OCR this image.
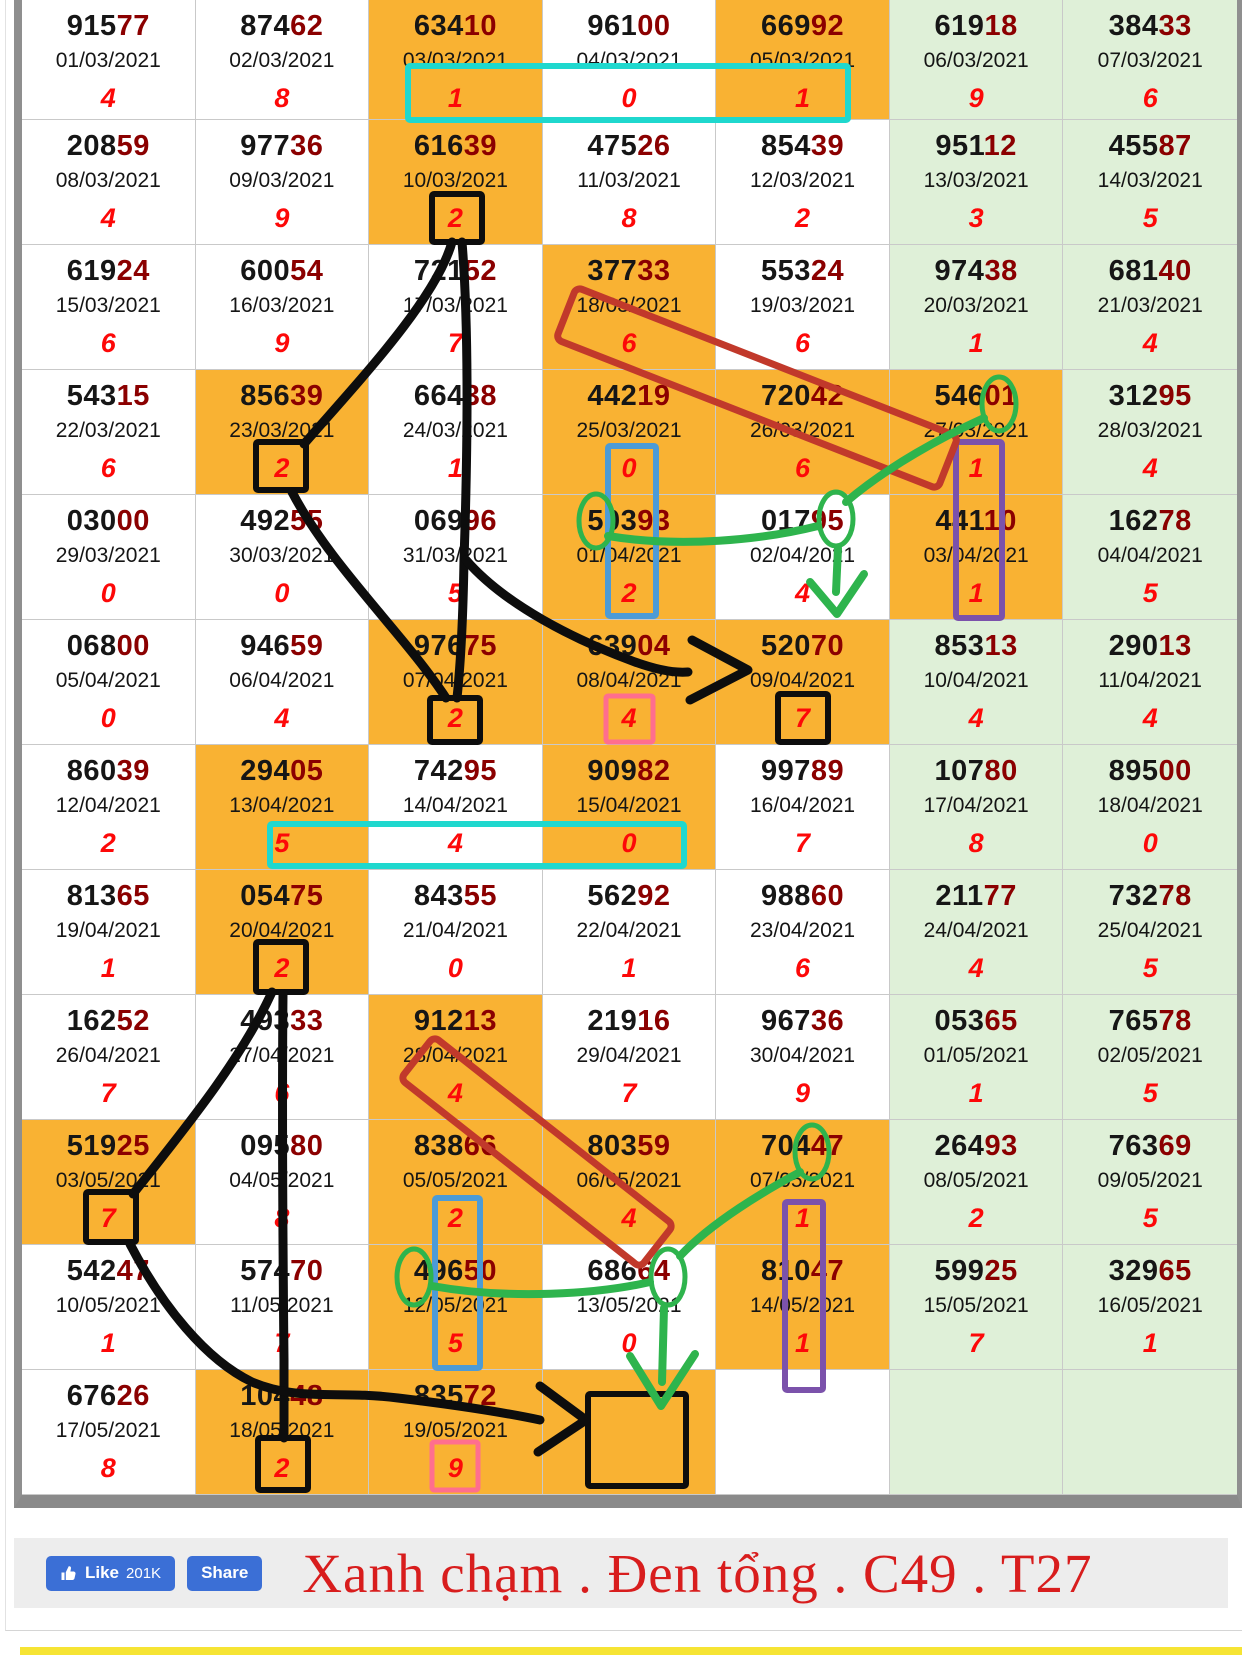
91577
01/03/2021
4
87462
02/03/2021
8
63410
03/03/2021
1
96100
04/03/2021
0
66992
05/03/2021
1
61918
06/03/2021
9
38433
07/03/2021
6
20859
08/03/2021
4
97736
09/03/2021
9
61639
10/03/2021
2
47526
11/03/2021
8
85439
12/03/2021
2
95112
13/03/2021
3
45587
14/03/2021
5
61924
15/03/2021
6
60054
16/03/2021
9
72152
17/03/2021
7
37733
18/03/2021
6
55324
19/03/2021
6
97438
20/03/2021
1
68140
21/03/2021
4
54315
22/03/2021
6
85639
23/03/2021
2
66438
24/03/2021
1
44219
25/03/2021
0
72042
26/03/2021
6
54601
27/03/2021
1
31295
28/03/2021
4
03000
29/03/2021
0
49255
30/03/2021
0
06996
31/03/2021
5
50393
01/04/2021
2
01795
02/04/2021
4
44110
03/04/2021
1
16278
04/04/2021
5
06800
05/04/2021
0
94659
06/04/2021
4
97675
07/04/2021
2
63904
08/04/2021
4
52070
09/04/2021
7
85313
10/04/2021
4
29013
11/04/2021
4
86039
12/04/2021
2
29405
13/04/2021
5
74295
14/04/2021
4
90982
15/04/2021
0
99789
16/04/2021
7
10780
17/04/2021
8
89500
18/04/2021
0
81365
19/04/2021
1
05475
20/04/2021
2
84355
21/04/2021
0
56292
22/04/2021
1
98860
23/04/2021
6
21177
24/04/2021
4
73278
25/04/2021
5
16252
26/04/2021
7
49333
27/04/2021
6
91213
28/04/2021
4
21916
29/04/2021
7
96736
30/04/2021
9
05365
01/05/2021
1
76578
02/05/2021
5
51925
03/05/2021
7
09580
04/05/2021
8
83866
05/05/2021
2
80359
06/05/2021
4
70447
07/05/2021
1
26493
08/05/2021
2
76369
09/05/2021
5
54247
10/05/2021
1
57470
11/05/2021
7
49650
12/05/2021
5
68664
13/05/2021
0
81047
14/05/2021
1
59925
15/05/2021
7
32965
16/05/2021
1
67626
17/05/2021
8
10448
18/05/2021
2
83572
19/05/2021
9
Like 201K Share Xanh chạm . Đen tổng . C49 . T27
